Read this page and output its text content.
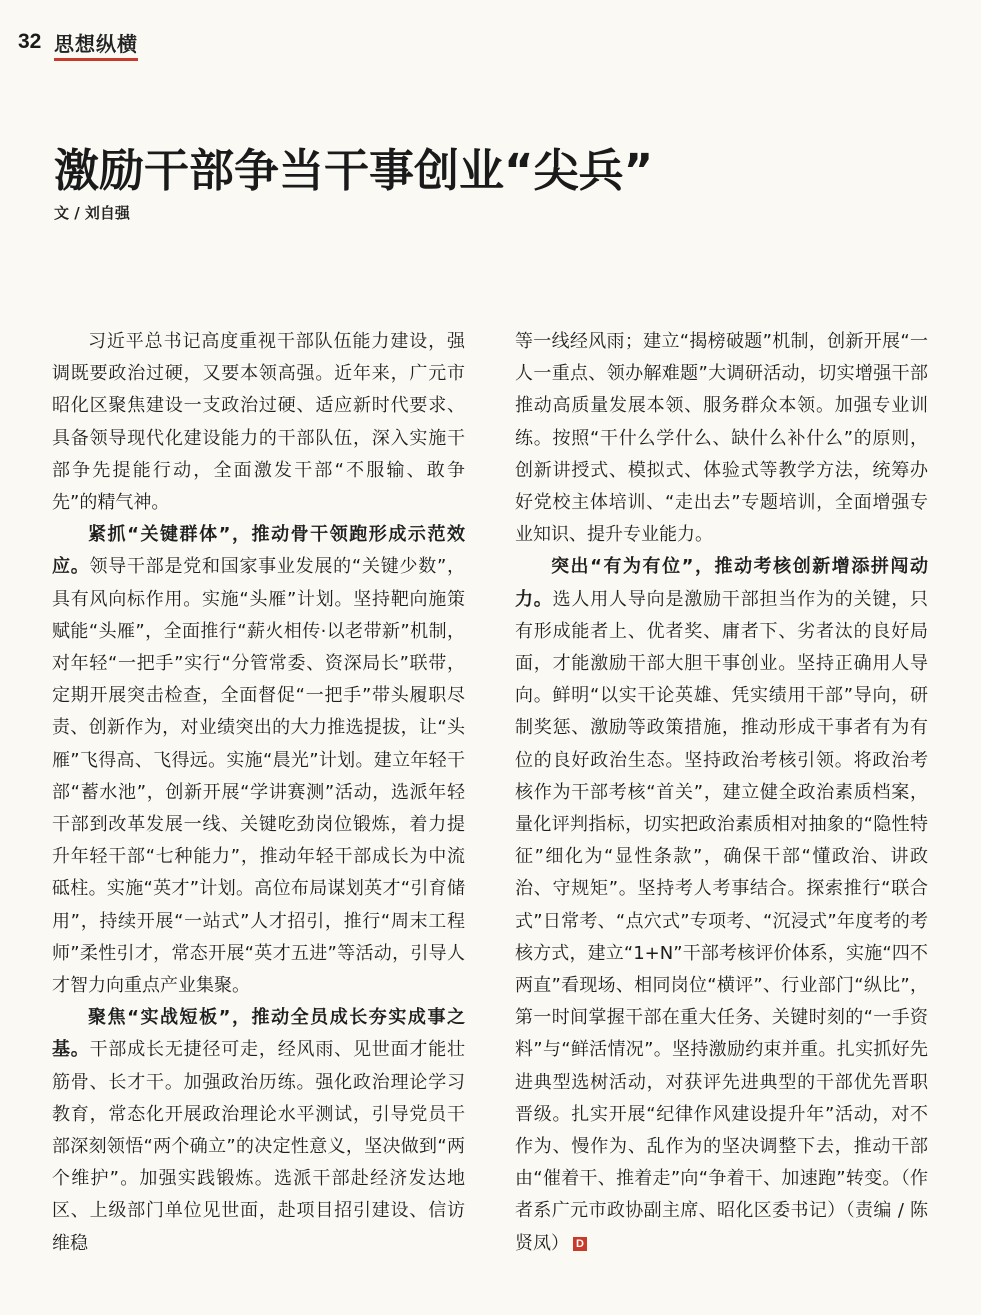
32 思想纵横
激励干部争当干事创业“尖兵”
文 / 刘自强

习近平总书记高度重视干部队伍能力建设，强调既要政治过硬，又要本领高强。近年来，广元市昭化区聚焦建设一支政治过硬、适应新时代要求、具备领导现代化建设能力的干部队伍，深入实施干部争先提能行动，全面激发干部“不服输、敢争先”的精气神。

紧抓“关键群体”，推动骨干领跑形成示范效应。领导干部是党和国家事业发展的“关键少数”，具有风向标作用。实施“头雁”计划。坚持靶向施策赋能“头雁”，全面推行“薪火相传·以老带新”机制，对年轻“一把手”实行“分管常委、资深局长”联带，定期开展突击检查，全面督促“一把手”带头履职尽责、创新作为，对业绩突出的大力推选提拔，让“头雁”飞得高、飞得远。实施“晨光”计划。建立年轻干部“蓄水池”，创新开展“学讲赛测”活动，选派年轻干部到改革发展一线、关键吃劲岗位锻炼，着力提升年轻干部“七种能力”，推动年轻干部成长为中流砥柱。实施“英才”计划。高位布局谋划英才“引育储用”，持续开展“一站式”人才招引，推行“周末工程师”柔性引才，常态开展“英才五进”等活动，引导人才智力向重点产业集聚。

聚焦“实战短板”，推动全员成长夯实成事之基。干部成长无捷径可走，经风雨、见世面才能壮筋骨、长才干。加强政治历练。强化政治理论学习教育，常态化开展政治理论水平测试，引导党员干部深刻领悟“两个确立”的决定性意义，坚决做到“两个维护”。加强实践锻炼。选派干部赴经济发达地区、上级部门单位见世面，赴项目招引建设、信访维稳

等一线经风雨；建立“揭榜破题”机制，创新开展“一人一重点、领办解难题”大调研活动，切实增强干部推动高质量发展本领、服务群众本领。加强专业训练。按照“干什么学什么、缺什么补什么”的原则，创新讲授式、模拟式、体验式等教学方法，统筹办好党校主体培训、“走出去”专题培训，全面增强专业知识、提升专业能力。

突出“有为有位”，推动考核创新增添拼闯动力。选人用人导向是激励干部担当作为的关键，只有形成能者上、优者奖、庸者下、劣者汰的良好局面，才能激励干部大胆干事创业。坚持正确用人导向。鲜明“以实干论英雄、凭实绩用干部”导向，研制奖惩、激励等政策措施，推动形成干事者有为有位的良好政治生态。坚持政治考核引领。将政治考核作为干部考核“首关”，建立健全政治素质档案，量化评判指标，切实把政治素质相对抽象的“隐性特征”细化为“显性条款”，确保干部“懂政治、讲政治、守规矩”。坚持考人考事结合。探索推行“联合式”日常考、“点穴式”专项考、“沉浸式”年度考的考核方式，建立“1+N”干部考核评价体系，实施“四不两直”看现场、相同岗位“横评”、行业部门“纵比”，第一时间掌握干部在重大任务、关键时刻的“一手资料”与“鲜活情况”。坚持激励约束并重。扎实抓好先进典型选树活动，对获评先进典型的干部优先晋职晋级。扎实开展“纪律作风建设提升年”活动，对不作为、慢作为、乱作为的坚决调整下去，推动干部由“催着干、推着走”向“争着干、加速跑”转变。（作者系广元市政协副主席、昭化区委书记）（责编 / 陈贤凤） D
